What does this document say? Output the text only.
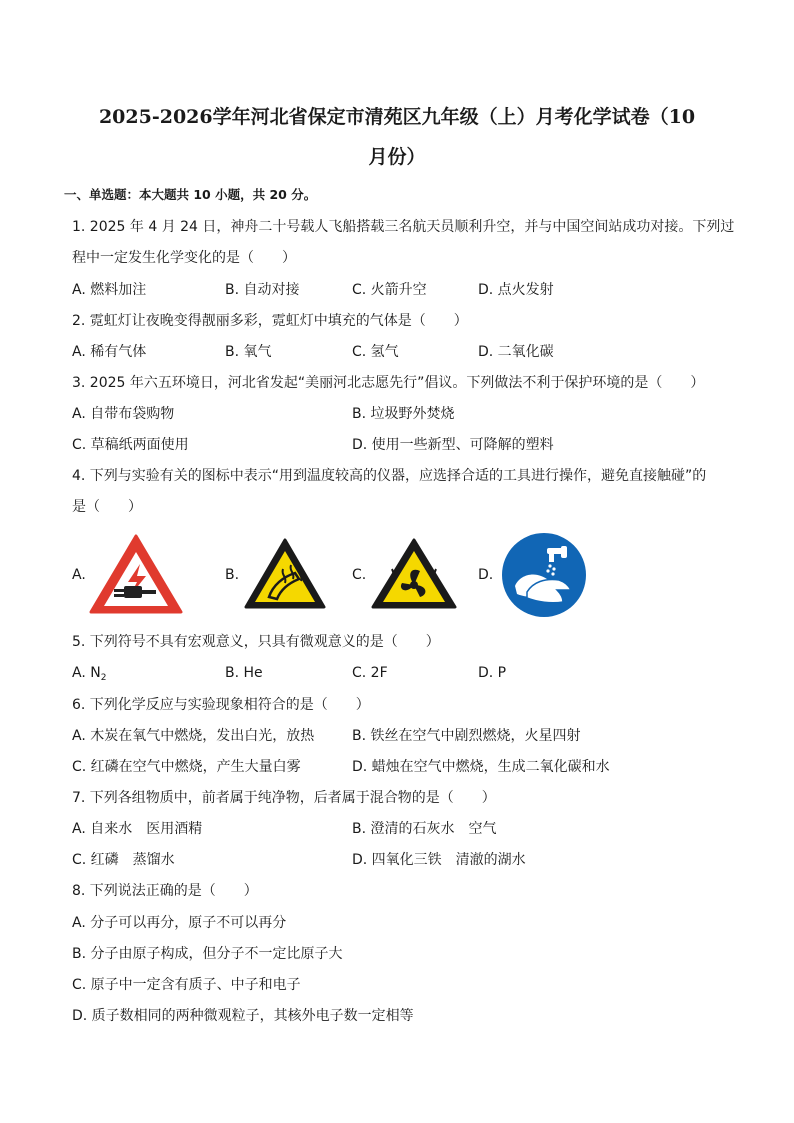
2025-2026学年河北省保定市清苑区九年级（上）月考化学试卷（10
月份）
一、单选题：本大题共 10 小题，共 20 分。
1. 2025 年 4 月 24 日，神舟二十号载人飞船搭载三名航天员顺利升空，并与中国空间站成功对接。下列过
程中一定发生化学变化的是（　　）
A. 燃料加注	B. 自动对接	C. 火箭升空	D. 点火发射
2. 霓虹灯让夜晚变得靓丽多彩，霓虹灯中填充的气体是（　　）
A. 稀有气体	B. 氧气	C. 氢气	D. 二氧化碳
3. 2025 年六五环境日，河北省发起“美丽河北志愿先行”倡议。下列做法不利于保护环境的是（　　）
A. 自带布袋购物	B. 垃圾野外焚烧
C. 草稿纸两面使用	D. 使用一些新型、可降解的塑料
4. 下列与实验有关的图标中表示“用到温度较高的仪器，应选择合适的工具进行操作，避免直接触碰”的
是（　　）
A.	B.	C.	D.
5. 下列符号不具有宏观意义，只具有微观意义的是（　　）
A. $N_2$	B. He	C. 2F	D. P
6. 下列化学反应与实验现象相符合的是（　　）
A. 木炭在氧气中燃烧，发出白光，放热	B. 铁丝在空气中剧烈燃烧，火星四射
C. 红磷在空气中燃烧，产生大量白雾	D. 蜡烛在空气中燃烧，生成二氧化碳和水
7. 下列各组物质中，前者属于纯净物，后者属于混合物的是（　　）
A. 自来水　医用酒精	B. 澄清的石灰水　空气
C. 红磷　蒸馏水	D. 四氧化三铁　清澈的湖水
8. 下列说法正确的是（　　）
A. 分子可以再分，原子不可以再分
B. 分子由原子构成，但分子不一定比原子大
C. 原子中一定含有质子、中子和电子
D. 质子数相同的两种微观粒子，其核外电子数一定相等
